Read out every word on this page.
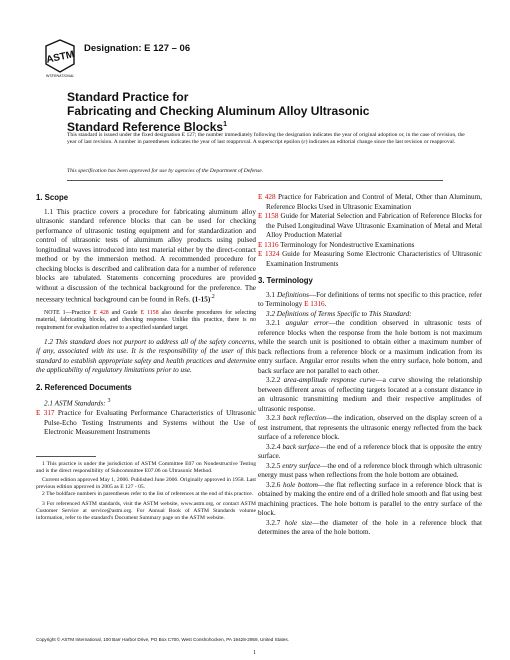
ASTM
INTERNATIONAL
Designation: E 127 – 06
Standard Practice for
Fabricating and Checking Aluminum Alloy Ultrasonic
Standard Reference Blocks$^1$
This standard is issued under the fixed designation E 127; the number immediately following the designation indicates the year of original adoption or, in the case of revision, the year of last revision. A number in parentheses indicates the year of last reapproval. A superscript epsilon (ε) indicates an editorial change since the last revision or reapproval.
This specification has been approved for use by agencies of the Department of Defense.
1. Scope

1.1 This practice covers a procedure for fabricating aluminum alloy ultrasonic standard reference blocks that can be used for checking performance of ultrasonic testing equipment and for standardization and control of ultrasonic tests of aluminum alloy products using pulsed longitudinal waves introduced into test material either by the direct-contact method or by the immersion method. A recommended procedure for checking blocks is described and calibration data for a number of reference blocks are tabulated. Statements concerning procedures are provided without a discussion of the technical background for the preference. The necessary technical background can be found in Refs. $(1-15)^{.2}$

NOTE 1—Practice E 428 and Guide E 1158 also describe procedures for selecting material, fabricating blocks, and checking response. Unlike this practice, there is no requirement for evaluation relative to a specified standard target.

1.2 This standard does not purport to address all of the safety concerns, if any, associated with its use. It is the responsibility of the user of this standard to establish appropriate safety and health practices and determine the applicability of regulatory limitations prior to use.

2. Referenced Documents

2.1 ASTM Standards: $^3$

E 317 Practice for Evaluating Performance Characteristics of Ultrasonic Pulse-Echo Testing Instruments and Systems without the Use of Electronic Measurement Instruments

1 This practice is under the jurisdiction of ASTM Committee E07 on Nondestructive Testing and is the direct responsibility of Subcommittee E07.06 on Ultrasonic Method.

Current edition approved May 1, 2006. Published June 2006. Originally approved in 1958. Last previous edition approved in 2005 as E 127 - 05.

2 The boldface numbers in parentheses refer to the list of references at the end of this practice.

3 For referenced ASTM standards, visit the ASTM website, www.astm.org, or contact ASTM Customer Service at service@astm.org. For Annual Book of ASTM Standards volume information, refer to the standard's Document Summary page on the ASTM website.

E 428 Practice for Fabrication and Control of Metal, Other than Aluminum, Reference Blocks Used in Ultrasonic Examination

E 1158 Guide for Material Selection and Fabrication of Reference Blocks for the Pulsed Longitudinal Wave Ultrasonic Examination of Metal and Metal Alloy Production Material

E 1316 Terminology for Nondestructive Examinations

E 1324 Guide for Measuring Some Electronic Characteristics of Ultrasonic Examination Instruments

3. Terminology

3.1 Definitions—For definitions of terms not specific to this practice, refer to Terminology E 1316.

3.2 Definitions of Terms Specific to This Standard:

3.2.1 angular error—the condition observed in ultrasonic tests of reference blocks when the response from the hole bottom is not maximum while the search unit is positioned to obtain either a maximum number of back reflections from a reference block or a maximum indication from its entry surface. Angular error results when the entry surface, hole bottom, and back surface are not parallel to each other.

3.2.2 area-amplitude response curve—a curve showing the relationship between different areas of reflecting targets located at a constant distance in an ultrasonic transmitting medium and their respective amplitudes of ultrasonic response.

3.2.3 back reflection—the indication, observed on the display screen of a test instrument, that represents the ultrasonic energy reflected from the back surface of a reference block.

3.2.4 back surface—the end of a reference block that is opposite the entry surface.

3.2.5 entry surface—the end of a reference block through which ultrasonic energy must pass when reflections from the hole bottom are obtained.

3.2.6 hole bottom—the flat reflecting surface in a reference block that is obtained by making the entire end of a drilled hole smooth and flat using best machining practices. The hole bottom is parallel to the entry surface of the block.

3.2.7 hole size—the diameter of the hole in a reference block that determines the area of the hole bottom.

Copyright © ASTM International, 100 Barr Harbor Drive, PO Box C700, West Conshohocken, PA 19428-2959, United States.
1
